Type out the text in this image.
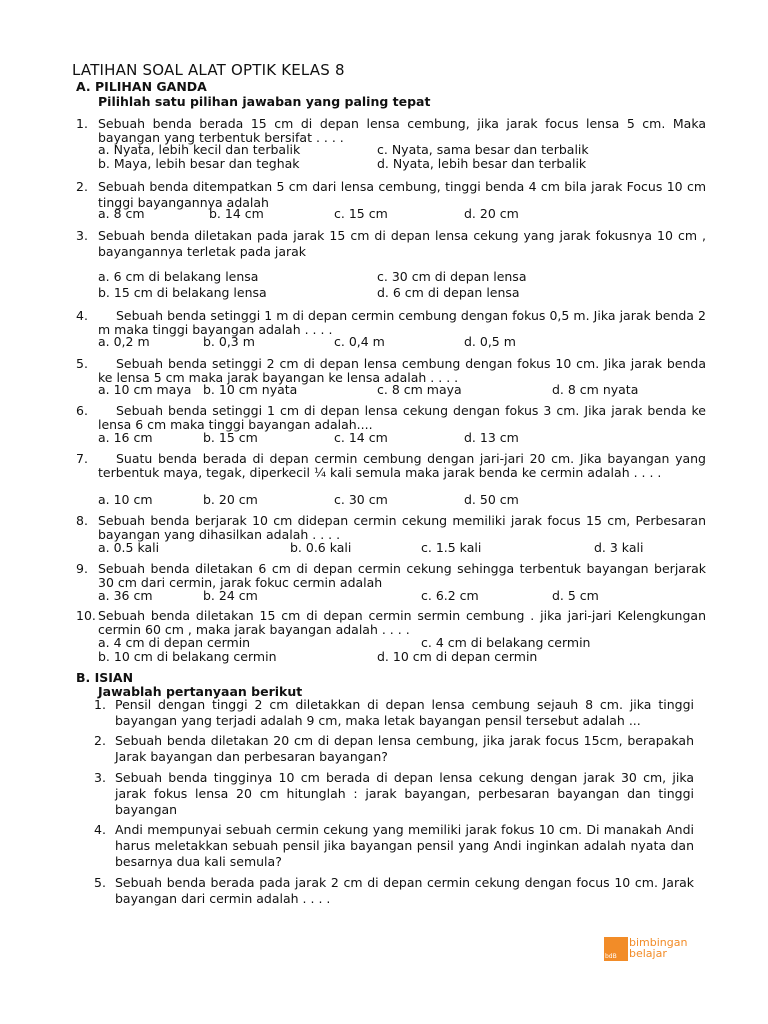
LATIHAN SOAL ALAT OPTIK KELAS 8
A. PILIHAN GANDA
Pilihlah satu pilihan jawaban yang paling tepat
1. Sebuah benda berada 15 cm di depan lensa cembung, jika jarak focus lensa 5 cm. Maka bayangan yang terbentuk bersifat . . . .
a. Nyata, lebih kecil dan terbalik	c. Nyata, sama besar dan terbalik
b. Maya, lebih besar dan teghak	d. Nyata, lebih besar dan terbalik
2. Sebuah benda ditempatkan 5 cm dari lensa cembung, tinggi benda 4 cm bila jarak Focus 10 cm tinggi bayangannya adalah
a. 8 cm	b. 14 cm	c. 15 cm	d. 20 cm
3. Sebuah benda diletakan pada jarak 15 cm di depan lensa cekung yang jarak fokusnya 10 cm , bayangannya terletak pada jarak
a. 6 cm di belakang lensa	c. 30 cm di depan lensa
b. 15 cm di belakang lensa	d. 6 cm di depan lensa
4.	Sebuah benda setinggi 1 m di depan cermin cembung dengan fokus 0,5 m. Jika jarak benda 2 m maka tinggi bayangan adalah . . . .
a. 0,2 m	b. 0,3 m	c. 0,4 m	d. 0,5 m
5.	Sebuah benda setinggi 2 cm di depan lensa cembung dengan fokus 10 cm. Jika jarak benda ke lensa 5 cm maka jarak bayangan ke lensa adalah . . . .
a. 10 cm maya b. 10 cm nyata	c. 8 cm maya	d. 8 cm nyata
6.	Sebuah benda setinggi 1 cm di depan lensa cekung dengan fokus 3 cm. Jika jarak benda ke lensa 6 cm maka tinggi bayangan adalah....
a. 16 cm	b. 15 cm	c. 14 cm	d. 13 cm
7.	Suatu benda berada di depan cermin cembung dengan jari-jari 20 cm. Jika bayangan yang terbentuk maya, tegak, diperkecil ¼ kali semula maka jarak benda ke cermin adalah . . . .
a. 10 cm	b. 20 cm	c. 30 cm	d. 50 cm
8. Sebuah benda berjarak 10 cm didepan cermin cekung memiliki jarak focus 15 cm, Perbesaran bayangan yang dihasilkan adalah . . . .
a. 0.5 kali	b. 0.6 kali	c. 1.5 kali	d. 3 kali
9. Sebuah benda diletakan 6 cm di depan cermin cekung sehingga terbentuk bayangan berjarak 30 cm dari cermin, jarak fokuc cermin adalah
a. 36 cm	b. 24 cm	c. 6.2 cm	d. 5 cm
10. Sebuah benda diletakan 15 cm di depan cermin sermin cembung . jika jari-jari Kelengkungan cermin 60 cm , maka jarak bayangan adalah . . . .
a. 4 cm di depan cermin	c. 4 cm di belakang cermin
b. 10 cm di belakang cermin	d. 10 cm di depan cermin
B. ISIAN
Jawablah pertanyaan berikut
1. Pensil dengan tinggi 2 cm diletakkan di depan lensa cembung sejauh 8 cm. jika tinggi bayangan yang terjadi adalah 9 cm, maka letak bayangan pensil tersebut adalah ...
2. Sebuah benda diletakan 20 cm di depan lensa cembung, jika jarak focus 15cm, berapakah Jarak bayangan dan perbesaran bayangan?
3. Sebuah benda tingginya 10 cm berada di depan lensa cekung dengan jarak 30 cm, jika jarak fokus lensa 20 cm hitunglah : jarak bayangan, perbesaran bayangan dan tinggi bayangan
4. Andi mempunyai sebuah cermin cekung yang memiliki jarak fokus 10 cm. Di manakah Andi harus meletakkan sebuah pensil jika bayangan pensil yang Andi inginkan adalah nyata dan besarnya dua kali semula?
5. Sebuah benda berada pada jarak 2 cm di depan cermin cekung dengan focus 10 cm. Jarak bayangan dari cermin adalah . . . .
bdB
bimbingan
belajar
